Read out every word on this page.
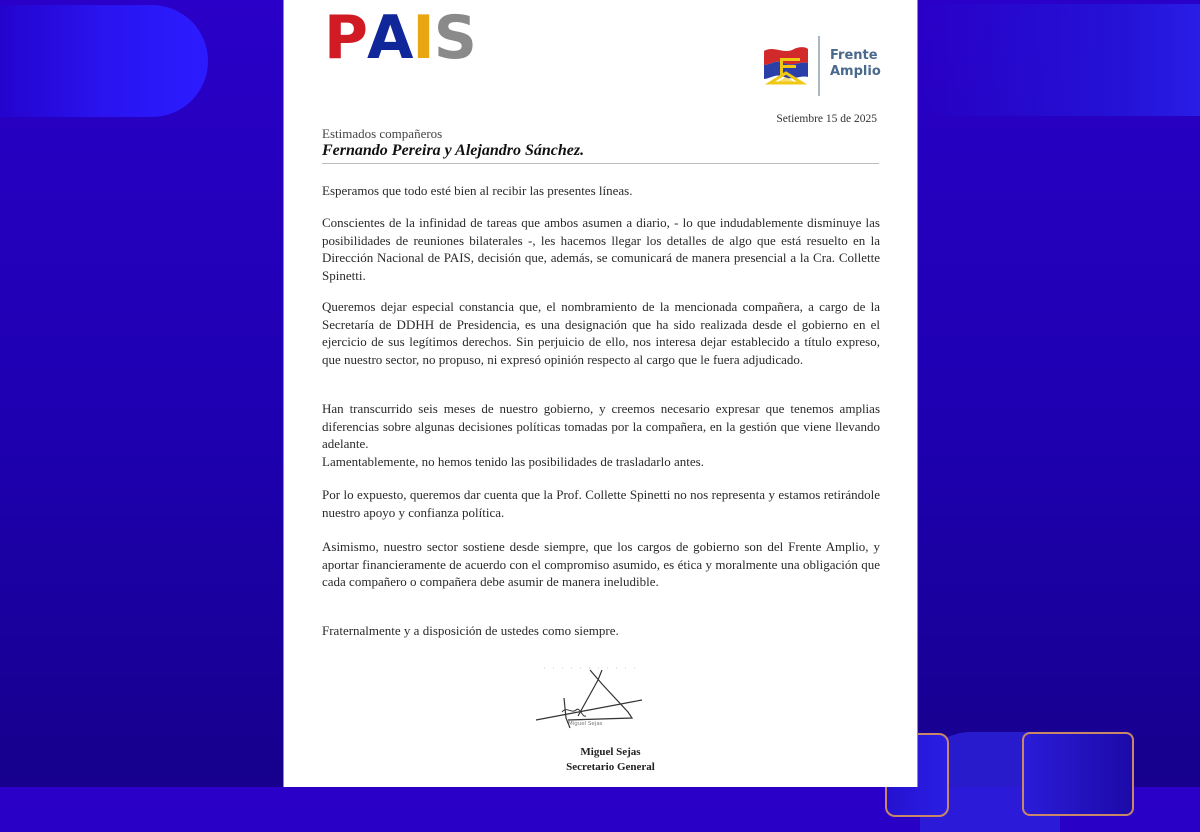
PAIS	Frente
Amplio
Setiembre 15 de 2025
Estimados compañeros
Fernando Pereira y Alejandro Sánchez.

Esperamos que todo esté bien al recibir las presentes líneas.

Conscientes de la infinidad de tareas que ambos asumen a diario, - lo que indudablemente disminuye las posibilidades de reuniones bilaterales -, les hacemos llegar los detalles de algo que está resuelto en la Dirección Nacional de PAIS, decisión que, además, se comunicará de manera presencial a la Cra. Collette Spinetti.

Queremos dejar especial constancia que, el nombramiento de la mencionada compañera, a cargo de la Secretaría de DDHH de Presidencia, es una designación que ha sido realizada desde el gobierno en el ejercicio de sus legítimos derechos. Sin perjuicio de ello, nos interesa dejar establecido a título expreso, que nuestro sector, no propuso, ni expresó opinión respecto al cargo que le fuera adjudicado.

Han transcurrido seis meses de nuestro gobierno, y creemos necesario expresar que tenemos amplias diferencias sobre algunas decisiones políticas tomadas por la compañera, en la gestión que viene llevando adelante.

Lamentablemente, no hemos tenido las posibilidades de trasladarlo antes.

Por lo expuesto, queremos dar cuenta que la Prof. Collette Spinetti no nos representa y estamos retirándole nuestro apoyo y confianza política.

Asimismo, nuestro sector sostiene desde siempre, que los cargos de gobierno son del Frente Amplio, y aportar financieramente de acuerdo con el compromiso asumido, es ética y moralmente una obligación que cada compañero o compañera debe asumir de manera ineludible.

Fraternalmente y a disposición de ustedes como siempre.

Miguel Sejas
Miguel Sejas
Secretario General
